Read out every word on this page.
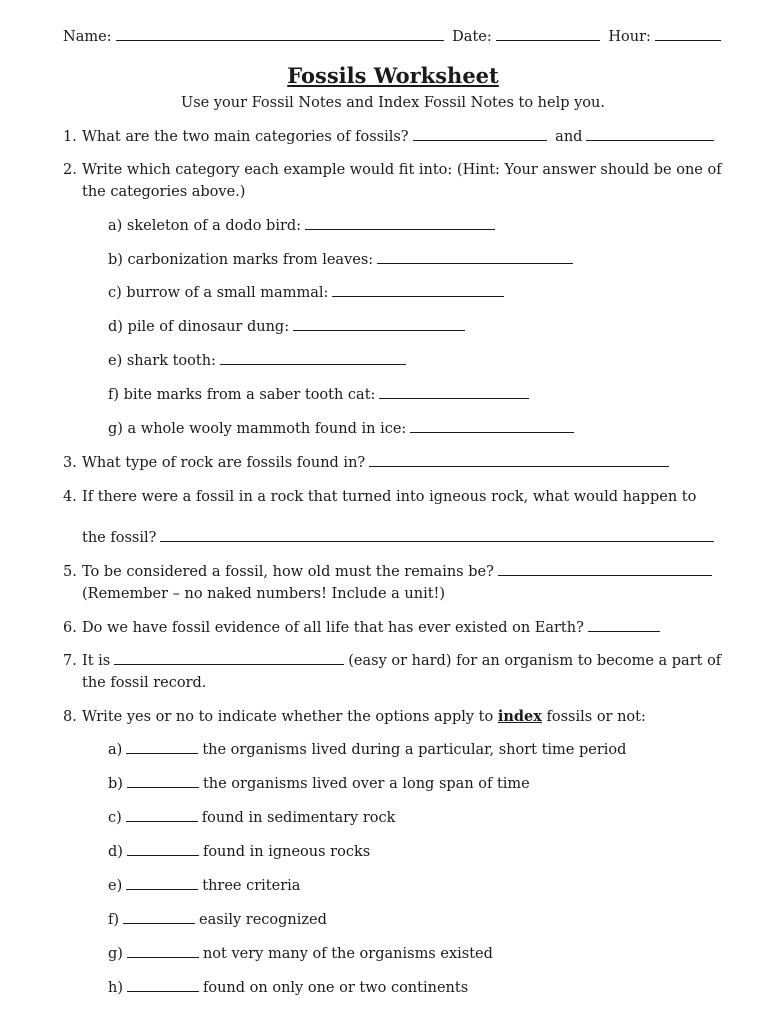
Name:	Date:	Hour:
Fossils Worksheet
Use your Fossil Notes and Index Fossil Notes to help you.
1. What are the two main categories of fossils?	and
2. Write which category each example would fit into: (Hint: Your answer should be one of
the categories above.)
a) skeleton of a dodo bird:
b) carbonization marks from leaves:
c) burrow of a small mammal:
d) pile of dinosaur dung:
e) shark tooth:
f) bite marks from a saber tooth cat:
g) a whole wooly mammoth found in ice:
3. What type of rock are fossils found in?
4. If there were a fossil in a rock that turned into igneous rock, what would happen to
the fossil?
5. To be considered a fossil, how old must the remains be?
(Remember – no naked numbers! Include a unit!)
6. Do we have fossil evidence of all life that has ever existed on Earth?
7. It is	(easy or hard) for an organism to become a part of
the fossil record.
8. Write yes or no to indicate whether the options apply to index fossils or not:
a)	the organisms lived during a particular, short time period
b)	the organisms lived over a long span of time
c)	found in sedimentary rock
d)	found in igneous rocks
e)	three criteria
f)	easily recognized
g)	not very many of the organisms existed
h)	found on only one or two continents
